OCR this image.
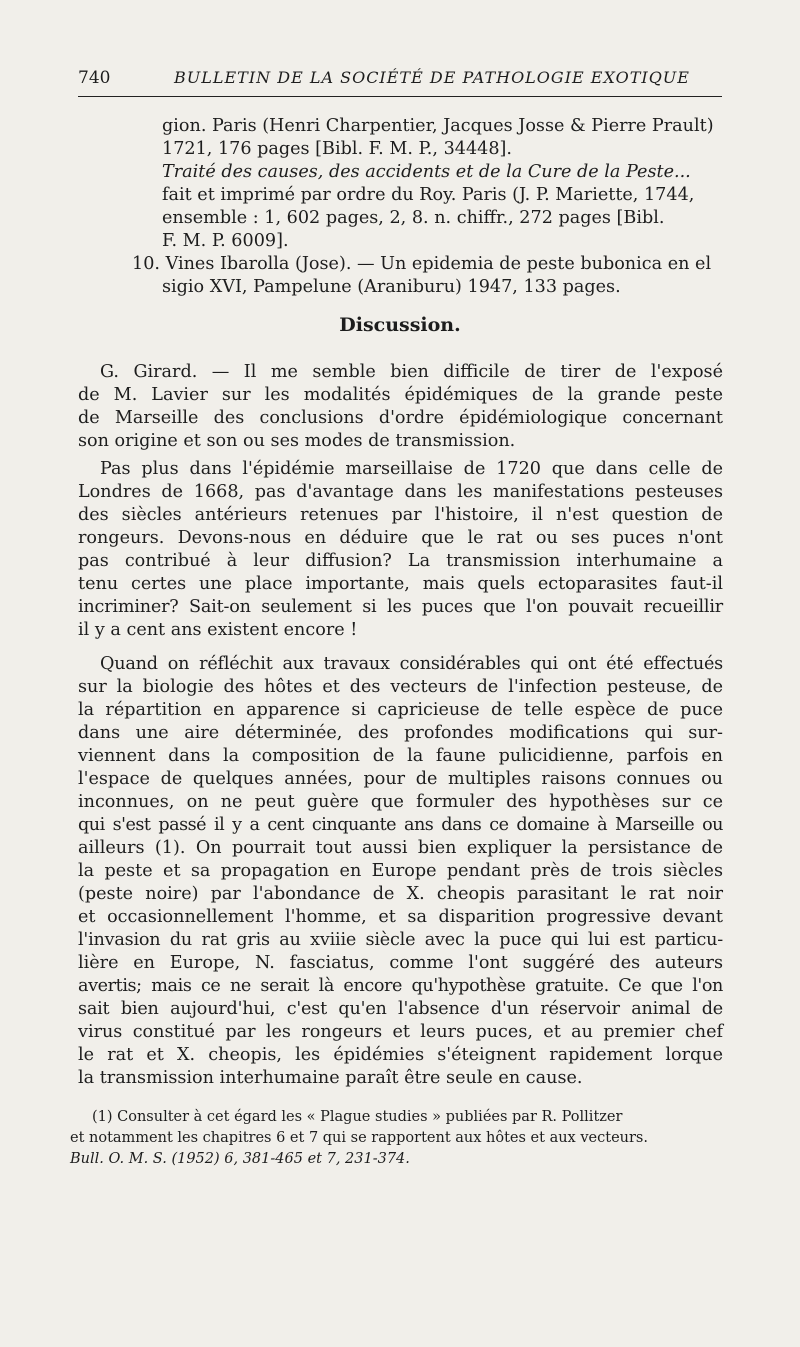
740	BULLETIN DE LA SOCIÉTÉ DE PATHOLOGIE EXOTIQUE
gion. Paris (Henri Charpentier, Jacques Josse & Pierre Prault)
1721, 176 pages [Bibl. F. M. P., 34448].
Traité des causes, des accidents et de la Cure de la Peste...
fait et imprimé par ordre du Roy. Paris (J. P. Mariette, 1744,
ensemble : 1, 602 pages, 2, 8. n. chiffr., 272 pages [Bibl.
F. M. P. 6009].
10. Vines Ibarolla (Jose). — Un epidemia de peste bubonica en el
sigio XVI, Pampelune (Araniburu) 1947, 133 pages.
Discussion.
G. Girard. — Il me semble bien difficile de tirer de l'exposé
de M. Lavier sur les modalités épidémiques de la grande peste
de Marseille des conclusions d'ordre épidémiologique concernant
son origine et son ou ses modes de transmission.
Pas plus dans l'épidémie marseillaise de 1720 que dans celle de
Londres de 1668, pas d'avantage dans les manifestations pesteuses
des siècles antérieurs retenues par l'histoire, il n'est question de
rongeurs. Devons-nous en déduire que le rat ou ses puces n'ont
pas contribué à leur diffusion? La transmission interhumaine a
tenu certes une place importante, mais quels ectoparasites faut-il
incriminer? Sait-on seulement si les puces que l'on pouvait recueillir
il y a cent ans existent encore !
Quand on réfléchit aux travaux considérables qui ont été effectués
sur la biologie des hôtes et des vecteurs de l'infection pesteuse, de
la répartition en apparence si capricieuse de telle espèce de puce
dans une aire déterminée, des profondes modifications qui sur-
viennent dans la composition de la faune pulicidienne, parfois en
l'espace de quelques années, pour de multiples raisons connues ou
inconnues, on ne peut guère que formuler des hypothèses sur ce
qui s'est passé il y a cent cinquante ans dans ce domaine à Marseille ou
ailleurs (1). On pourrait tout aussi bien expliquer la persistance de
la peste et sa propagation en Europe pendant près de trois siècles
(peste noire) par l'abondance de X. cheopis parasitant le rat noir
et occasionnellement l'homme, et sa disparition progressive devant
l'invasion du rat gris au xviiie siècle avec la puce qui lui est particu-
lière en Europe, N. fasciatus, comme l'ont suggéré des auteurs
avertis; mais ce ne serait là encore qu'hypothèse gratuite. Ce que l'on
sait bien aujourd'hui, c'est qu'en l'absence d'un réservoir animal de
virus constitué par les rongeurs et leurs puces, et au premier chef
le rat et X. cheopis, les épidémies s'éteignent rapidement lorque
la transmission interhumaine paraît être seule en cause.
(1) Consulter à cet égard les « Plague studies » publiées par R. Pollitzer
et notamment les chapitres 6 et 7 qui se rapportent aux hôtes et aux vecteurs.
Bull. O. M. S. (1952) 6, 381-465 et 7, 231-374.
